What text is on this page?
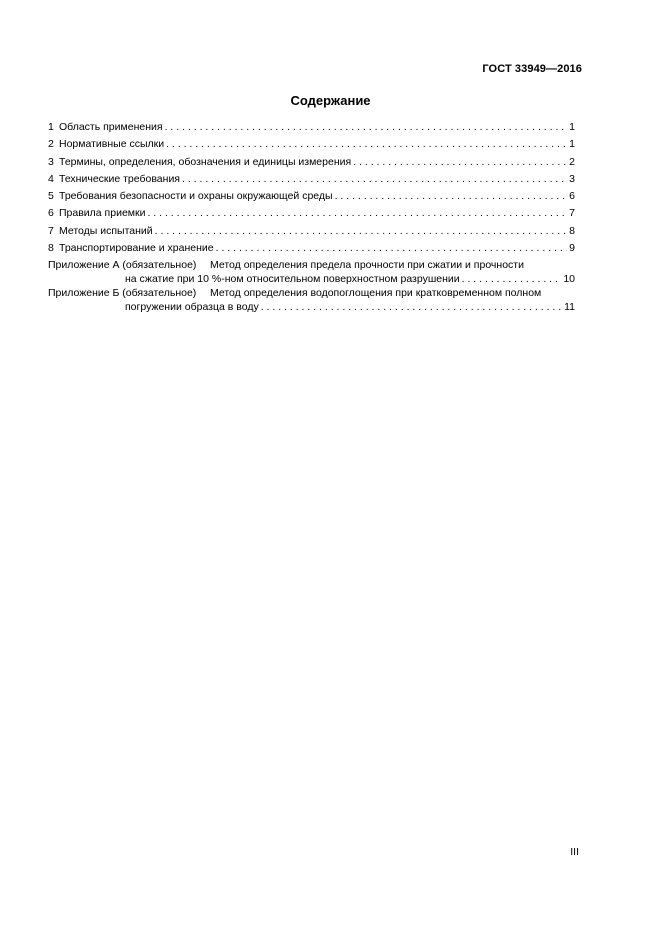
ГОСТ 33949—2016
Содержание
1 Область применения . . .	1
2 Нормативные ссылки . . .	1
3 Термины, определения, обозначения и единицы измерения . . .	2
4 Технические требования . . .	3
5 Требования безопасности и охраны окружающей среды . . .	6
6 Правила приемки . . .	7
7 Методы испытаний . . .	8
8 Транспортирование и хранение . . .	9
Приложение А (обязательное)	Метод определения предела прочности при сжатии и прочности
на сжатие при 10 %-ном относительном поверхностном разрушении . . .	10
Приложение Б (обязательное)	Метод определения водопоглощения при кратковременном полном
погружении образца в воду . . .	11
III
